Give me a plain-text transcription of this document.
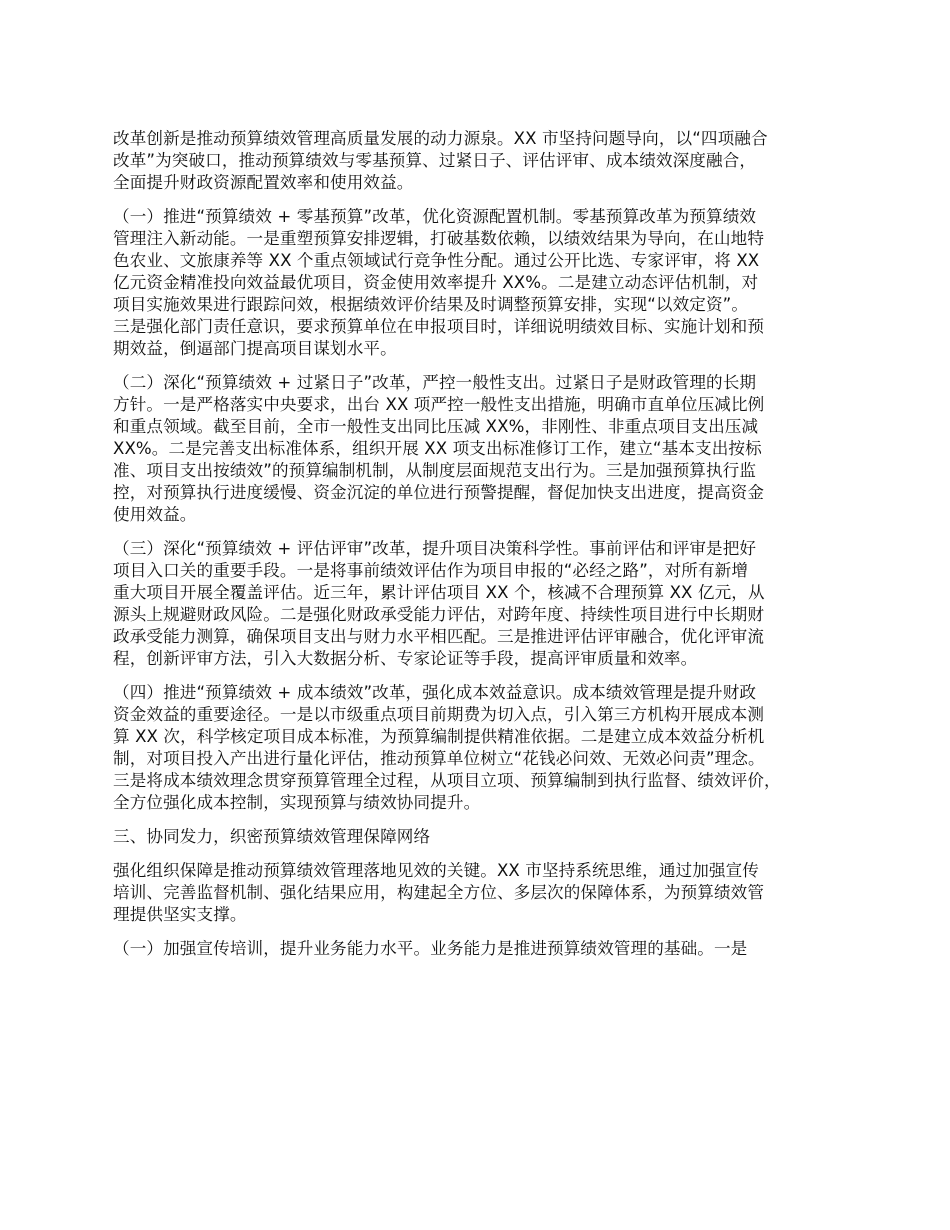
改革创新是推动预算绩效管理高质量发展的动力源泉。XX 市坚持问题导向，以“四项融合
改革”为突破口，推动预算绩效与零基预算、过紧日子、评估评审、成本绩效深度融合，
全面提升财政资源配置效率和使用效益。

（一）推进“预算绩效 + 零基预算”改革，优化资源配置机制。零基预算改革为预算绩效
管理注入新动能。一是重塑预算安排逻辑，打破基数依赖，以绩效结果为导向，在山地特
色农业、文旅康养等 XX 个重点领域试行竞争性分配。通过公开比选、专家评审，将 XX
亿元资金精准投向效益最优项目，资金使用效率提升 XX%。二是建立动态评估机制，对
项目实施效果进行跟踪问效，根据绩效评价结果及时调整预算安排，实现“以效定资”。
三是强化部门责任意识，要求预算单位在申报项目时，详细说明绩效目标、实施计划和预
期效益，倒逼部门提高项目谋划水平。

（二）深化“预算绩效 + 过紧日子”改革，严控一般性支出。过紧日子是财政管理的长期
方针。一是严格落实中央要求，出台 XX 项严控一般性支出措施，明确市直单位压减比例
和重点领域。截至目前，全市一般性支出同比压减 XX%，非刚性、非重点项目支出压减
XX%。二是完善支出标准体系，组织开展 XX 项支出标准修订工作，建立“基本支出按标
准、项目支出按绩效”的预算编制机制，从制度层面规范支出行为。三是加强预算执行监
控，对预算执行进度缓慢、资金沉淀的单位进行预警提醒，督促加快支出进度，提高资金
使用效益。

（三）深化“预算绩效 + 评估评审”改革，提升项目决策科学性。事前评估和评审是把好
项目入口关的重要手段。一是将事前绩效评估作为项目申报的“必经之路”，对所有新增
重大项目开展全覆盖评估。近三年，累计评估项目 XX 个，核减不合理预算 XX 亿元，从
源头上规避财政风险。二是强化财政承受能力评估，对跨年度、持续性项目进行中长期财
政承受能力测算，确保项目支出与财力水平相匹配。三是推进评估评审融合，优化评审流
程，创新评审方法，引入大数据分析、专家论证等手段，提高评审质量和效率。

（四）推进“预算绩效 + 成本绩效”改革，强化成本效益意识。成本绩效管理是提升财政
资金效益的重要途径。一是以市级重点项目前期费为切入点，引入第三方机构开展成本测
算 XX 次，科学核定项目成本标准，为预算编制提供精准依据。二是建立成本效益分析机
制，对项目投入产出进行量化评估，推动预算单位树立“花钱必问效、无效必问责”理念。
三是将成本绩效理念贯穿预算管理全过程，从项目立项、预算编制到执行监督、绩效评价，
全方位强化成本控制，实现预算与绩效协同提升。

三、协同发力，织密预算绩效管理保障网络

强化组织保障是推动预算绩效管理落地见效的关键。XX 市坚持系统思维，通过加强宣传
培训、完善监督机制、强化结果应用，构建起全方位、多层次的保障体系，为预算绩效管
理提供坚实支撑。

（一）加强宣传培训，提升业务能力水平。业务能力是推进预算绩效管理的基础。一是
